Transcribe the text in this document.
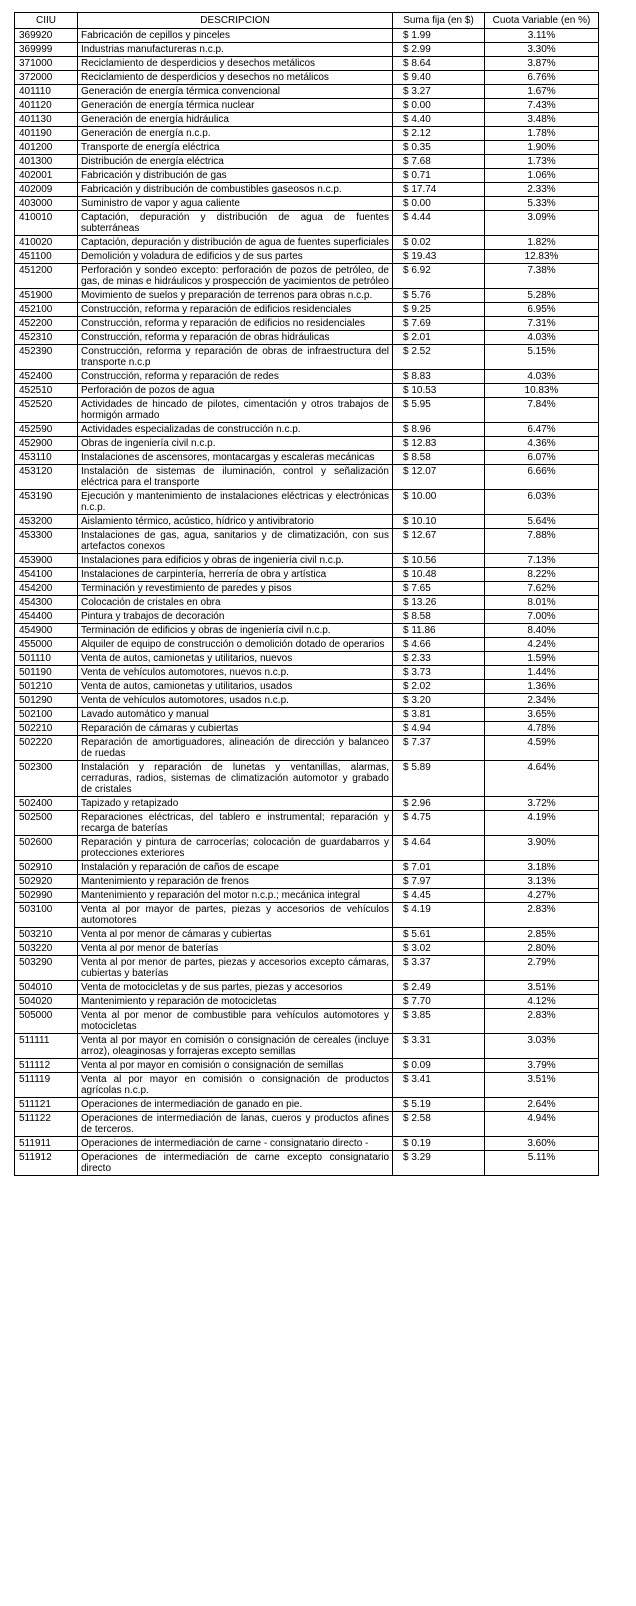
CIIU	DESCRIPCION	Suma fija (en $)	Cuota Variable (en %)
369920	Fabricación de cepillos y pinceles	$ 1.99	3.11%
369999	Industrias manufactureras n.c.p.	$ 2.99	3.30%
371000	Reciclamiento de desperdicios y desechos metálicos	$ 8.64	3.87%
372000	Reciclamiento de desperdicios y desechos no metálicos	$ 9.40	6.76%
401110	Generación de energía térmica convencional	$ 3.27	1.67%
401120	Generación de energía térmica nuclear	$ 0.00	7.43%
401130	Generación de energía hidráulica	$ 4.40	3.48%
401190	Generación de energía n.c.p.	$ 2.12	1.78%
401200	Transporte de energía eléctrica	$ 0.35	1.90%
401300	Distribución de energía eléctrica	$ 7.68	1.73%
402001	Fabricación y distribución de gas	$ 0.71	1.06%
402009	Fabricación y distribución de combustibles gaseosos n.c.p.	$ 17.74	2.33%
403000	Suministro de vapor y agua caliente	$ 0.00	5.33%
410010	Captación, depuración y distribución de agua de fuentes subterráneas	$ 4.44	3.09%
410020	Captación, depuración y distribución de agua de fuentes superficiales	$ 0.02	1.82%
451100	Demolición y voladura de edificios y de sus partes	$ 19.43	12.83%
451200	Perforación y sondeo excepto: perforación de pozos de petróleo, de gas, de minas e hidráulicos y prospección de yacimientos de petróleo	$ 6.92	7.38%
451900	Movimiento de suelos y preparación de terrenos para obras n.c.p.	$ 5.76	5.28%
452100	Construcción, reforma y reparación de edificios residenciales	$ 9.25	6.95%
452200	Construcción, reforma y reparación de edificios no residenciales	$ 7.69	7.31%
452310	Construcción, reforma y reparación de obras hidráulicas	$ 2.01	4.03%
452390	Construcción, reforma y reparación de obras de infraestructura del transporte n.c.p	$ 2.52	5.15%
452400	Construcción, reforma y reparación de redes	$ 8.83	4.03%
452510	Perforación de pozos de agua	$ 10.53	10.83%
452520	Actividades de hincado de pilotes, cimentación y otros trabajos de hormigón armado	$ 5.95	7.84%
452590	Actividades especializadas de construcción n.c.p.	$ 8.96	6.47%
452900	Obras de ingeniería civil n.c.p.	$ 12.83	4.36%
453110	Instalaciones de ascensores, montacargas y escaleras mecánicas	$ 8.58	6.07%
453120	Instalación de sistemas de iluminación, control y señalización eléctrica para el transporte	$ 12.07	6.66%
453190	Ejecución y mantenimiento de instalaciones eléctricas y electrónicas n.c.p.	$ 10.00	6.03%
453200	Aislamiento térmico, acústico, hídrico y antivibratorio	$ 10.10	5.64%
453300	Instalaciones de gas, agua, sanitarios y de climatización, con sus artefactos conexos	$ 12.67	7.88%
453900	Instalaciones para edificios y obras de ingeniería civil n.c.p.	$ 10.56	7.13%
454100	Instalaciones de carpintería, herrería de obra y artística	$ 10.48	8.22%
454200	Terminación y revestimiento de paredes y pisos	$ 7.65	7.62%
454300	Colocación de cristales en obra	$ 13.26	8.01%
454400	Pintura y trabajos de decoración	$ 8.58	7.00%
454900	Terminación de edificios y obras de ingeniería civil n.c.p.	$ 11.86	8.40%
455000	Alquiler de equipo de construcción o demolición dotado de operarios	$ 4.66	4.24%
501110	Venta de autos, camionetas y utilitarios, nuevos	$ 2.33	1.59%
501190	Venta de vehículos automotores, nuevos n.c.p.	$ 3.73	1.44%
501210	Venta de autos, camionetas y utilitarios, usados	$ 2.02	1.36%
501290	Venta de vehículos automotores, usados n.c.p.	$ 3.20	2.34%
502100	Lavado automático y manual	$ 3.81	3.65%
502210	Reparación de cámaras y cubiertas	$ 4.94	4.78%
502220	Reparación de amortiguadores, alineación de dirección y balanceo de ruedas	$ 7.37	4.59%
502300	Instalación y reparación de lunetas y ventanillas, alarmas, cerraduras, radios, sistemas de climatización automotor y grabado de cristales	$ 5.89	4.64%
502400	Tapizado y retapizado	$ 2.96	3.72%
502500	Reparaciones eléctricas, del tablero e instrumental; reparación y recarga de baterías	$ 4.75	4.19%
502600	Reparación y pintura de carrocerías; colocación de guardabarros y protecciones exteriores	$ 4.64	3.90%
502910	Instalación y reparación de caños de escape	$ 7.01	3.18%
502920	Mantenimiento y reparación de frenos	$ 7.97	3.13%
502990	Mantenimiento y reparación del motor n.c.p.; mecánica integral	$ 4.45	4.27%
503100	Venta al por mayor de partes, piezas y accesorios de vehículos automotores	$ 4.19	2.83%
503210	Venta al por menor de cámaras y cubiertas	$ 5.61	2.85%
503220	Venta al por menor de baterías	$ 3.02	2.80%
503290	Venta al por menor de partes, piezas y accesorios excepto cámaras, cubiertas y baterías	$ 3.37	2.79%
504010	Venta de motocicletas y de sus partes, piezas y accesorios	$ 2.49	3.51%
504020	Mantenimiento y reparación de motocicletas	$ 7.70	4.12%
505000	Venta al por menor de combustible para vehículos automotores y motocicletas	$ 3.85	2.83%
511111	Venta al por mayor en comisión o consignación de cereales (incluye arroz), oleaginosas y forrajeras excepto semillas	$ 3.31	3.03%
511112	Venta al por mayor en comisión o consignación de semillas	$ 0.09	3.79%
511119	Venta al por mayor en comisión o consignación de productos agrícolas n.c.p.	$ 3.41	3.51%
511121	Operaciones de intermediación de ganado en pie.	$ 5.19	2.64%
511122	Operaciones de intermediación de lanas, cueros y productos afines de terceros.	$ 2.58	4.94%
511911	Operaciones de intermediación de carne - consignatario directo -	$ 0.19	3.60%
511912	Operaciones de intermediación de carne excepto consignatario directo	$ 3.29	5.11%
